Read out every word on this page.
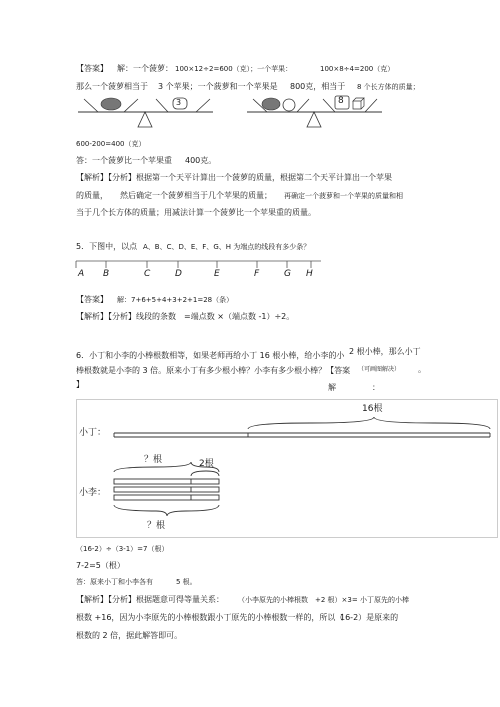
【答案】 解：一个菠萝： 100×12÷2=600（克）；一个苹果：	100×8÷4=200（克）
那么一个菠萝相当于 3 个苹果；一个菠萝和一个苹果是 800克，相当于 8 个长方体的质量；
3	8
600-200=400（克）
答：一个菠萝比一个苹果重 400克。
【解析】【分析】根据第一个天平计算出一个菠萝的质量，根据第二个天平计算出一个苹果
的质量， 然后确定一个菠萝相当于几个苹果的质量； 再确定一个菠萝和一个苹果的质量和相
当于几个长方体的质量；用减法计算一个菠萝比一个苹果重的质量。
5．下图中，以点 A、B、C、D、E、F、G、H 为端点的线段有多少条？
A B	C	D	E	F	G H
【答案】 解：7+6+5+4+3+2+1=28（条）
【解析】【分析】线段的条数　=端点数 ×（端点数 -1）÷2。
6．小丁和小李的小棒根数相等，如果老师再给小丁 16 根小棒，给小李的小 2 根小棒，那么小丁
棒根数就是小李的 3 倍。原来小丁有多少根小棒？小李有多少根小棒？【答案 （可画图解决） 。
】	解	：
16根
小丁：
？根	2根
小李：
？根
（16-2）÷（3-1）=7（根）
7-2=5（根）
答：原来小丁和小李各有	5 根。
【解析】【分析】根据题意可得等量关系： （小李原先的小棒根数　+2 根）×3= 小丁原先的小棒
根数 +16，因为小李原先的小棒根数跟小丁原先的小棒根数一样的，所以（
16-2）是原来的
根数的 2 倍，据此解答即可。
